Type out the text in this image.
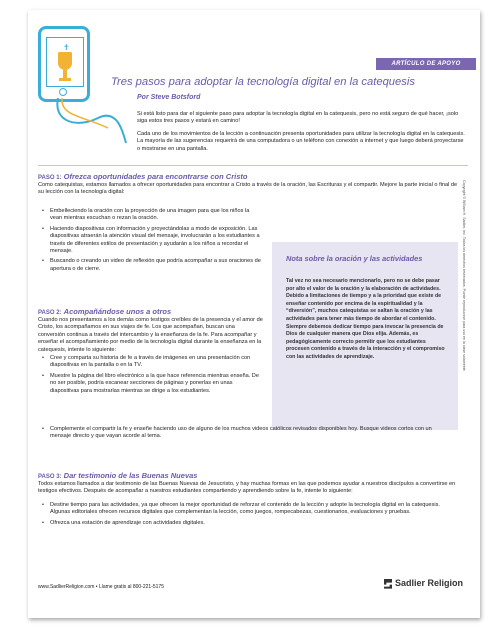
✝
ARTÍCULO DE APOYO
Tres pasos para adoptar la tecnología digital en la catequesis
Por Steve Botsford

Si está listo para dar el siguiente paso para adoptar la tecnología digital en la catequesis, pero no está seguro de qué hacer, ¡solo siga estos tres pasos y estará en camino!

Cada uno de los movimientos de la lección a continuación presenta oportunidades para utilizar la tecnología digital en la catequesis. La mayoría de las sugerencias requerirá de una computadora o un teléfono con conexión a internet y que luego deberá proyectarse o mostrarse en una pantalla.

PASO 1: Ofrezca oportunidades para encontrarse con Cristo

Como catequistas, estamos llamados a ofrecer oportunidades para encontrar a Cristo a través de la oración, las Escrituras y el compartir. Mejore la parte inicial o final de su lección con la tecnología digital:

• Embelleciendo la oración con la proyección de una imagen para que los niños la vean mientras escuchan o rezan la oración.
• Haciendo diapositivas con información y proyectándolas a modo de exposición. Las diapositivas atraerán la atención visual del mensaje, involucrarán a los estudiantes a través de diferentes estilos de presentación y ayudarán a los niños a recordar el mensaje.
• Buscando o creando un video de reflexión que podría acompañar a sus oraciones de apertura o de cierre.
Nota sobre la oración y las actividades
Tal vez no sea necesario mencionarlo, pero no se debe pasar por alto el valor de la oración y la elaboración de actividades. Debido a limitaciones de tiempo y a la prioridad que existe de enseñar contenido por encima de la espiritualidad y la “diversión”, muchos catequistas se saltan la oración y las actividades para tener más tiempo de abordar el contenido. Siempre debemos dedicar tiempo para invocar la presencia de Dios de cualquier manera que Dios elija. Además, es pedagógicamente correcto permitir que los estudiantes procesen contenido a través de la interacción y el compromiso con las actividades de aprendizaje.
PASO 2: Acompañándose unos a otros

Cuando nos presentamos a los demás como testigos creíbles de la presencia y el amor de Cristo, los acompañamos en sus viajes de fe. Los que acompañan, buscan una conversión continua a través del intercambio y la enseñanza de la fe. Para acompañar y enseñar el acompañamiento por medio de la tecnología digital durante la enseñanza en la catequesis, intente lo siguiente:

• Cree y comparta su historia de fe a través de imágenes en una presentación con diapositivas en la pantalla o en la TV.
• Muestre la página del libro electrónico a la que hace referencia mientras enseña. De no ser posible, podría escanear secciones de páginas y ponerlas en unas diapositivas para mostrarlas mientras se dirige a los estudiantes.
• Complemente el compartir la fe y enseñe haciendo uso de alguno de los muchos videos católicos revisados disponibles hoy. Busque videos cortos con un mensaje directo y que vayan acorde al tema.
PASO 3: Dar testimonio de las Buenas Nuevas

Todos estamos llamados a dar testimonio de las Buenas Nuevas de Jesucristo, y hay muchas formas en las que podemos ayudar a nuestros discípulos a convertirse en testigos efectivos. Después de acompañar a nuestros estudiantes compartiendo y aprendiendo sobre la fe, intente lo siguiente:

• Destine tiempo para las actividades, ya que ofrecen la mejor oportunidad de reforzar el contenido de la lección y adopte la tecnología digital en la catequesis. Algunas editoriales ofrecen recursos digitales que complementan la lección, como juegos, rompecabezas, cuestionarios, evaluaciones y pruebas.
• Ofrezca una estación de aprendizaje con actividades digitales.
www.SadlierReligion.com • Llame gratis al 800-221-5175	Sadlier Religion
Copyright © William H. Sadlier, Inc. Todos los derechos reservados. Puede reproducirse para uso en la clase solamente.
